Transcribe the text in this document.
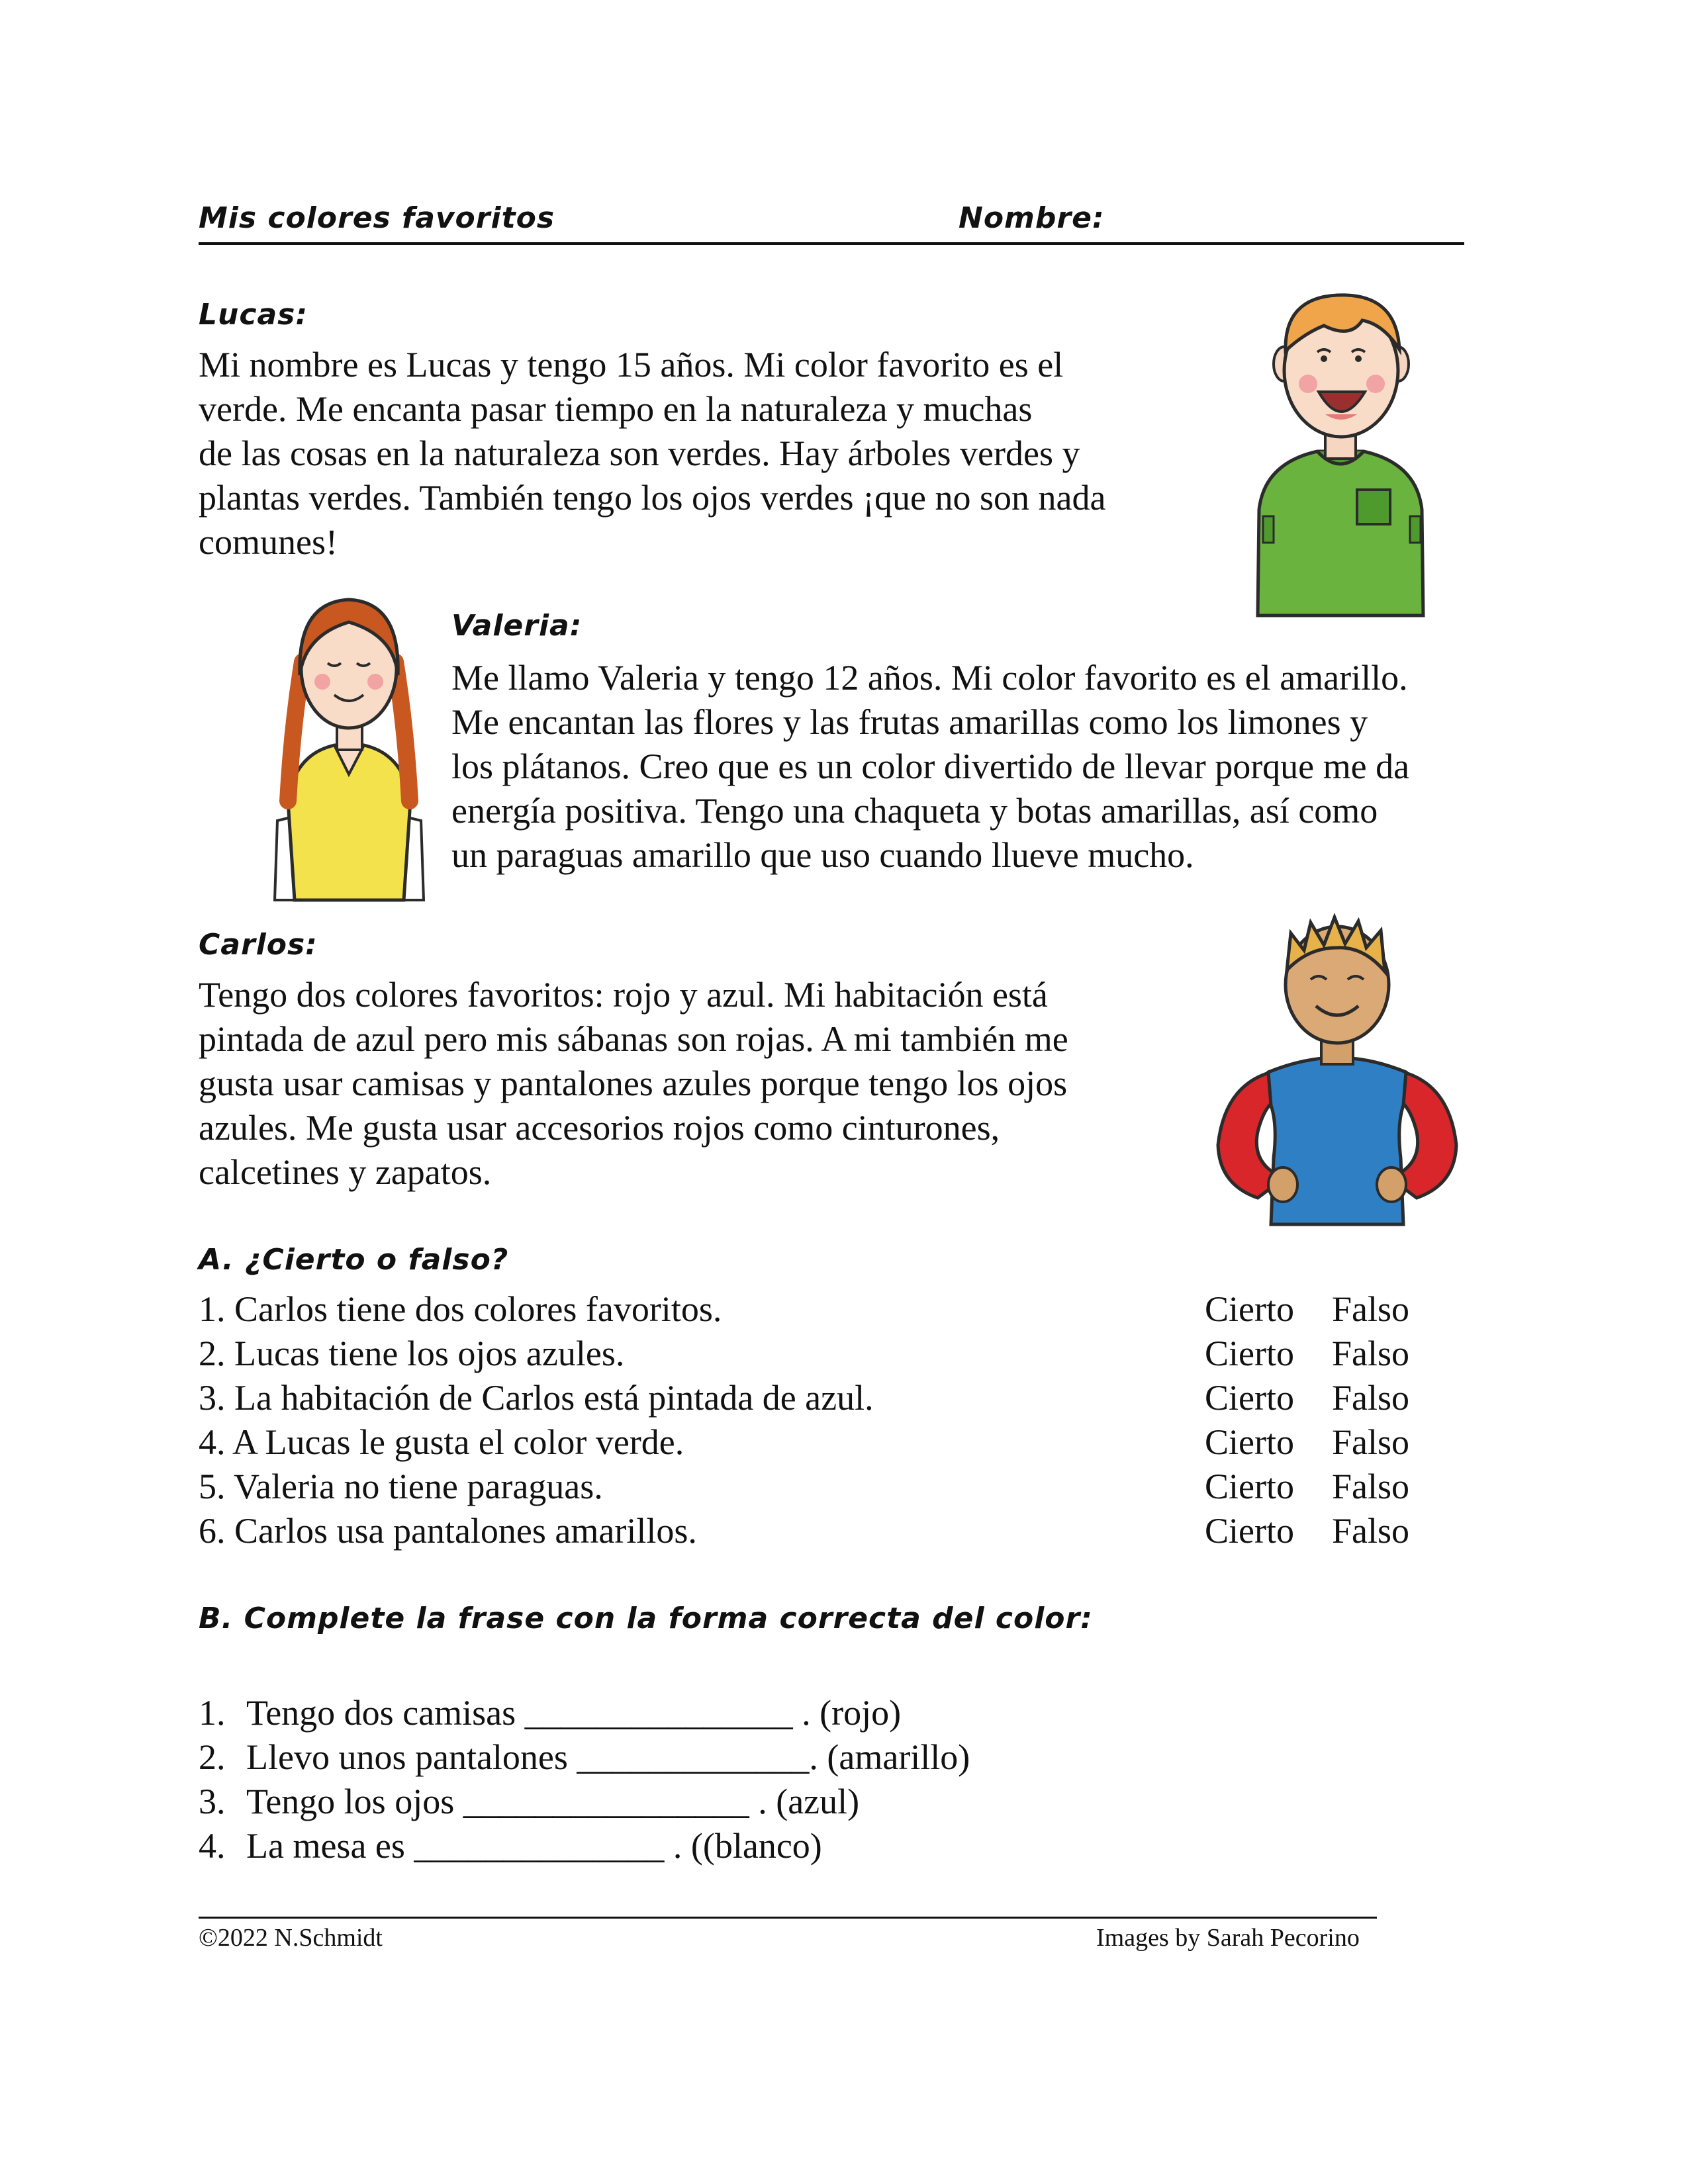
Mis colores favoritos	Nombre:
Lucas:
Mi nombre es Lucas y tengo 15 años. Mi color favorito es el
verde. Me encanta pasar tiempo en la naturaleza y muchas
de las cosas en la naturaleza son verdes. Hay árboles verdes y
plantas verdes. También tengo los ojos verdes ¡que no son nada
comunes!
Valeria:
Me llamo Valeria y tengo 12 años. Mi color favorito es el amarillo.
Me encantan las flores y las frutas amarillas como los limones y
los plátanos. Creo que es un color divertido de llevar porque me da
energía positiva. Tengo una chaqueta y botas amarillas, así como
un paraguas amarillo que uso cuando llueve mucho.
Carlos:
Tengo dos colores favoritos: rojo y azul. Mi habitación está
pintada de azul pero mis sábanas son rojas. A mi también me
gusta usar camisas y pantalones azules porque tengo los ojos
azules. Me gusta usar accesorios rojos como cinturones,
calcetines y zapatos.
A. ¿Cierto o falso?
1. Carlos tiene dos colores favoritos.	Cierto Falso
2. Lucas tiene los ojos azules.	Cierto Falso
3. La habitación de Carlos está pintada de azul.	Cierto Falso
4. A Lucas le gusta el color verde.	Cierto Falso
5. Valeria no tiene paraguas.	Cierto Falso
6. Carlos usa pantalones amarillos.	Cierto Falso
B. Complete la frase con la forma correcta del color:
1. Tengo dos camisas _______________ . (rojo)
2. Llevo unos pantalones _____________. (amarillo)
3. Tengo los ojos ________________ . (azul)
4. La mesa es ______________ . ((blanco)
©2022 N.Schmidt	Images by Sarah Pecorino
